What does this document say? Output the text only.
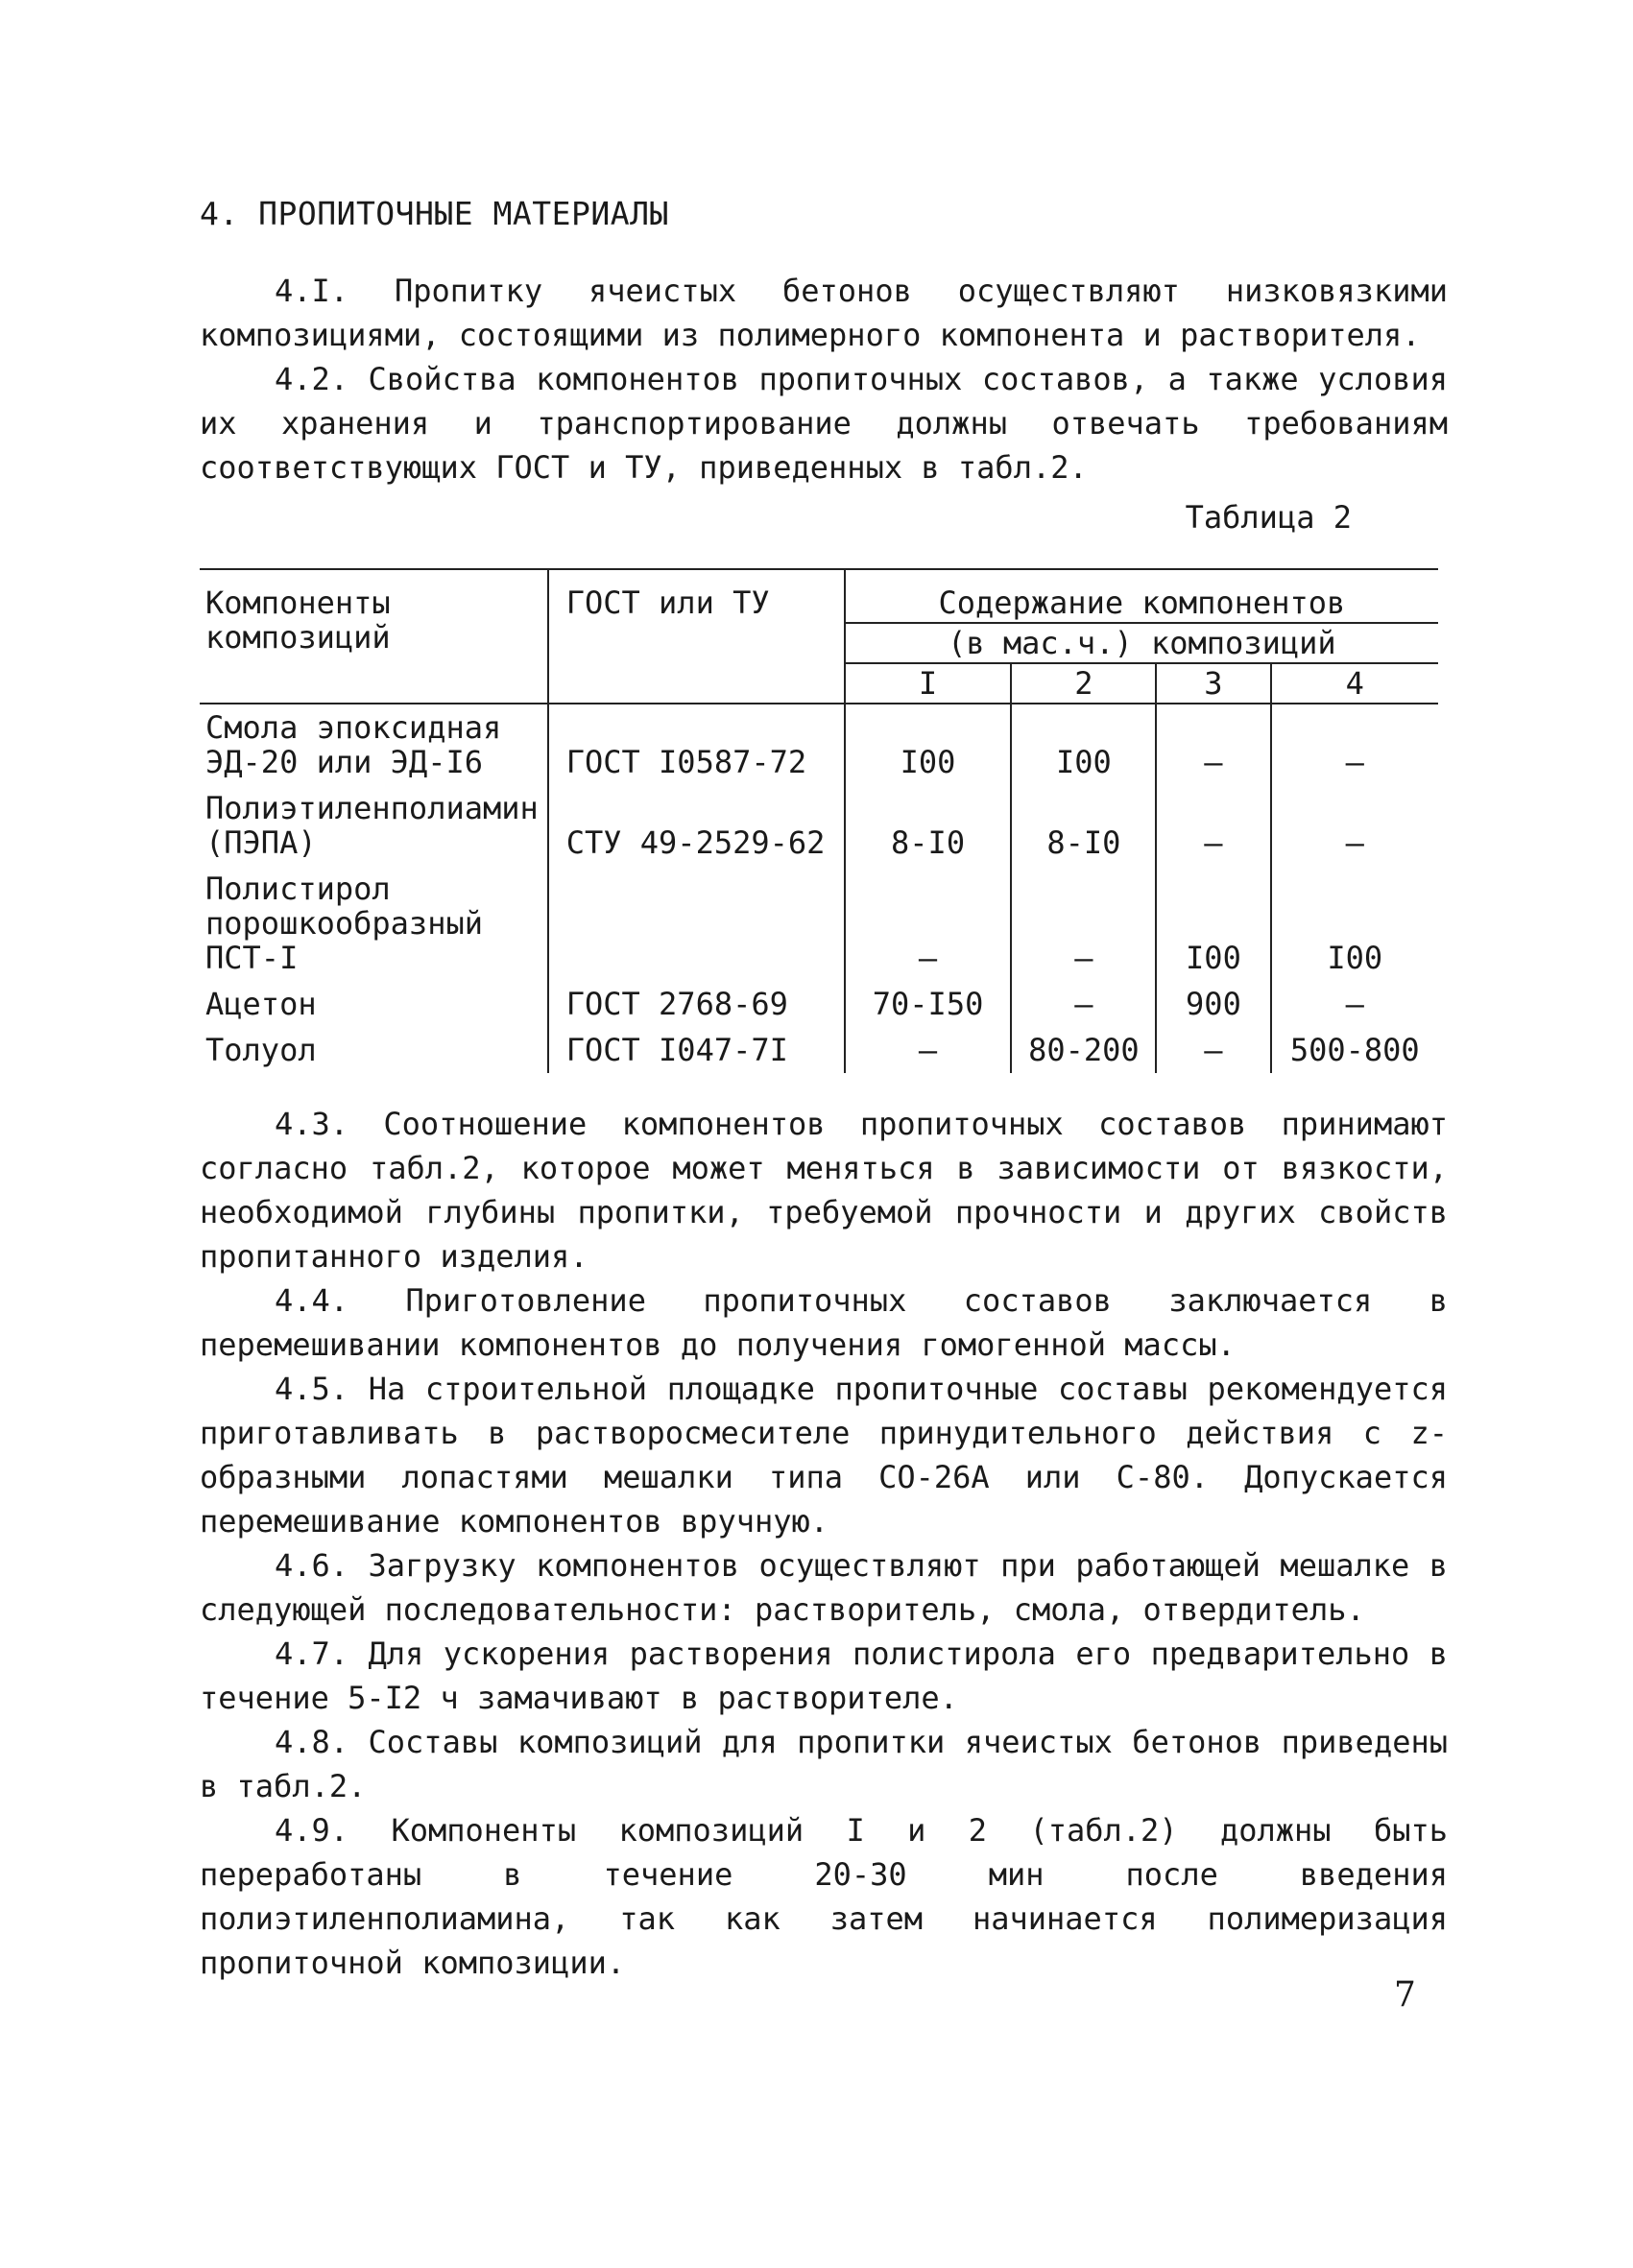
4. ПРОПИТОЧНЫЕ МАТЕРИАЛЫ

4.I. Пропитку ячеистых бетонов осуществляют низковязкими композициями, состоящими из полимерного компонента и растворителя.

4.2. Свойства компонентов пропиточных составов, а также условия их хранения и транспортирование должны отвечать требованиям соответствующих ГОСТ и ТУ, приведенных в табл.2.

Таблица 2
Компоненты композиций	ГОСТ или ТУ	Содержание компонентов			
		(в мас.ч.) композиций			
		I	2	3	4
Смола эпоксидная ЭД-20 или ЭД-I6	ГОСТ I0587-72	I00	I00	–	–
Полиэтиленполиамин (ПЭПА)	СТУ 49-2529-62	8-I0	8-I0	–	–
Полистирол порошкообразный ПСТ-I		–	–	I00	I00
Ацетон	ГОСТ 2768-69	70-I50	–	900	–
Толуол	ГОСТ I047-7I	–	80-200	–	500-800

4.3. Соотношение компонентов пропиточных составов принимают согласно табл.2, которое может меняться в зависимости от вязкости, необходимой глубины пропитки, требуемой прочности и других свойств пропитанного изделия.

4.4. Приготовление пропиточных составов заключается в перемешивании компонентов до получения гомогенной массы.

4.5. На строительной площадке пропиточные составы рекомендуется приготавливать в растворосмесителе принудительного действия с z-образными лопастями мешалки типа СО-26А или С-80. Допускается перемешивание компонентов вручную.

4.6. Загрузку компонентов осуществляют при работающей мешалке в следующей последовательности: растворитель, смола, отвердитель.

4.7. Для ускорения растворения полистирола его предварительно в течение 5-I2 ч замачивают в растворителе.

4.8. Составы композиций для пропитки ячеистых бетонов приведены в табл.2.

4.9. Компоненты композиций I и 2 (табл.2) должны быть переработаны в течение 20-30 мин после введения полиэтиленполиамина, так как затем начинается полимеризация пропиточной композиции.

7
